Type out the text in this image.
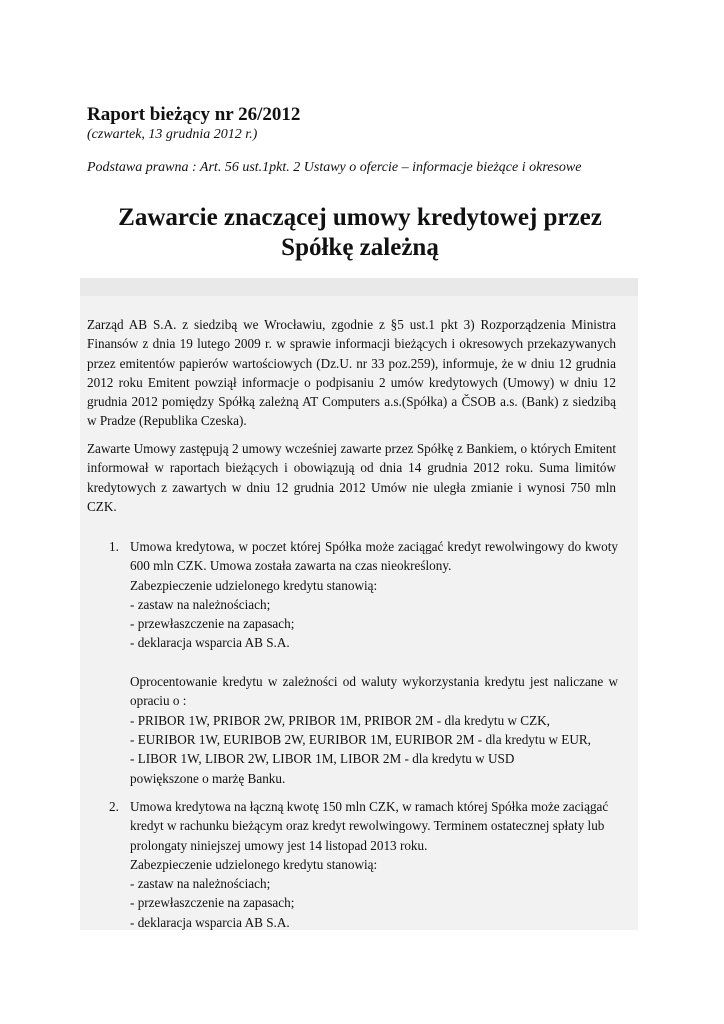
Raport bieżący nr 26/2012
(czwartek, 13 grudnia 2012 r.)
Podstawa prawna : Art. 56 ust.1pkt. 2 Ustawy o ofercie – informacje bieżące i okresowe
Zawarcie znaczącej umowy kredytowej przez
Spółkę zależną
Zarząd AB S.A. z siedzibą we Wrocławiu, zgodnie z §5 ust.1 pkt 3) Rozporządzenia Ministra Finansów z dnia 19 lutego 2009 r. w sprawie informacji bieżących i okresowych przekazywanych przez emitentów papierów wartościowych (Dz.U. nr 33 poz.259), informuje, że w dniu 12 grudnia 2012 roku Emitent powziął informacje o podpisaniu 2 umów kredytowych (Umowy) w dniu 12 grudnia 2012 pomiędzy Spółką zależną AT Computers a.s.(Spółka) a ČSOB a.s. (Bank) z siedzibą w Pradze (Republika Czeska).
Zawarte Umowy zastępują 2 umowy wcześniej zawarte przez Spółkę z Bankiem, o których Emitent informował w raportach bieżących i obowiązują od dnia 14 grudnia 2012 roku. Suma limitów kredytowych z zawartych w dniu 12 grudnia 2012 Umów nie uległa zmianie i wynosi 750 mln CZK.
1. Umowa kredytowa, w poczet której Spółka może zaciągać kredyt rewolwingowy do kwoty 600 mln CZK. Umowa została zawarta na czas nieokreślony.
Zabezpieczenie udzielonego kredytu stanowią:
- zastaw na należnościach;
- przewłaszczenie na zapasach;
- deklaracja wsparcia AB S.A.
Oprocentowanie kredytu w zależności od waluty wykorzystania kredytu jest naliczane w opraciu o :
- PRIBOR 1W, PRIBOR 2W, PRIBOR 1M, PRIBOR 2M - dla kredytu w CZK,
- EURIBOR 1W, EURIBOB 2W, EURIBOR 1M, EURIBOR 2M - dla kredytu w EUR,
- LIBOR 1W, LIBOR 2W, LIBOR 1M, LIBOR 2M - dla kredytu w USD
powiększone o marżę Banku.
2. Umowa kredytowa na łączną kwotę 150 mln CZK, w ramach której Spółka może zaciągać
kredyt w rachunku bieżącym oraz kredyt rewolwingowy. Terminem ostatecznej spłaty lub
prolongaty niniejszej umowy jest 14 listopad 2013 roku.
Zabezpieczenie udzielonego kredytu stanowią:
- zastaw na należnościach;
- przewłaszczenie na zapasach;
- deklaracja wsparcia AB S.A.
